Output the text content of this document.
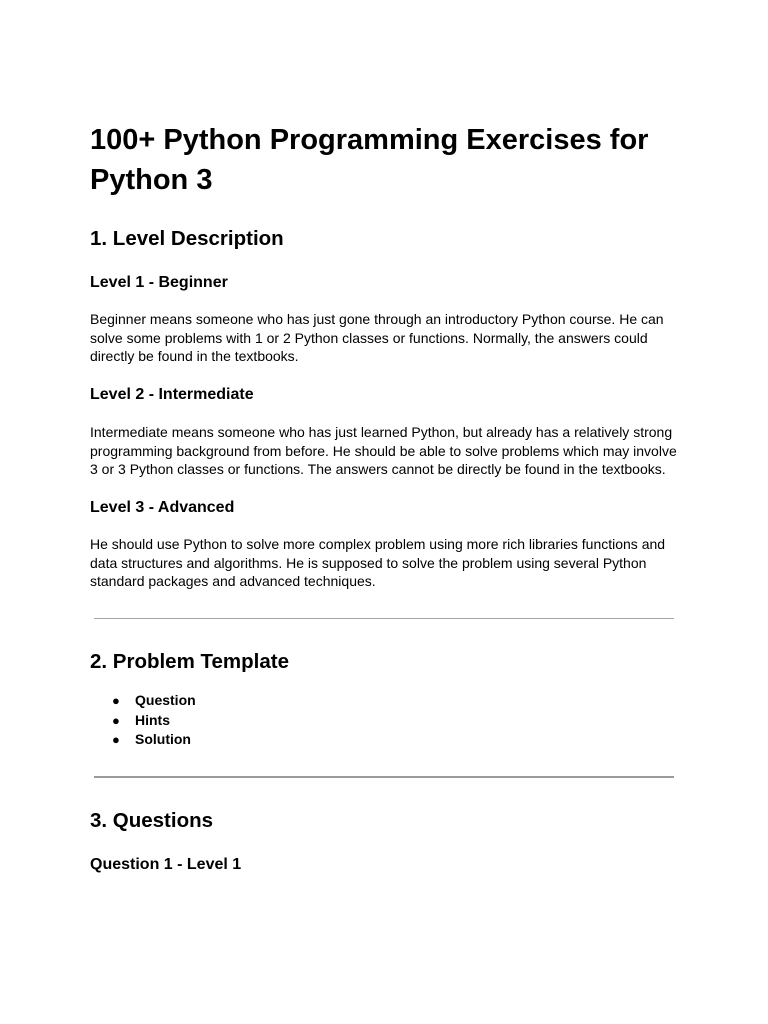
100+ Python Programming Exercises for Python 3
1. Level Description
Level 1 - Beginner

Beginner means someone who has just gone through an introductory Python course. He can solve some problems with 1 or 2 Python classes or functions. Normally, the answers could directly be found in the textbooks.

Level 2 - Intermediate

Intermediate means someone who has just learned Python, but already has a relatively strong programming background from before. He should be able to solve problems which may involve 3 or 3 Python classes or functions. The answers cannot be directly be found in the textbooks.

Level 3 - Advanced

He should use Python to solve more complex problem using more rich libraries functions and data structures and algorithms. He is supposed to solve the problem using several Python standard packages and advanced techniques.

2. Problem Template
● Question
● Hints
● Solution
3. Questions
Question 1 - Level 1
